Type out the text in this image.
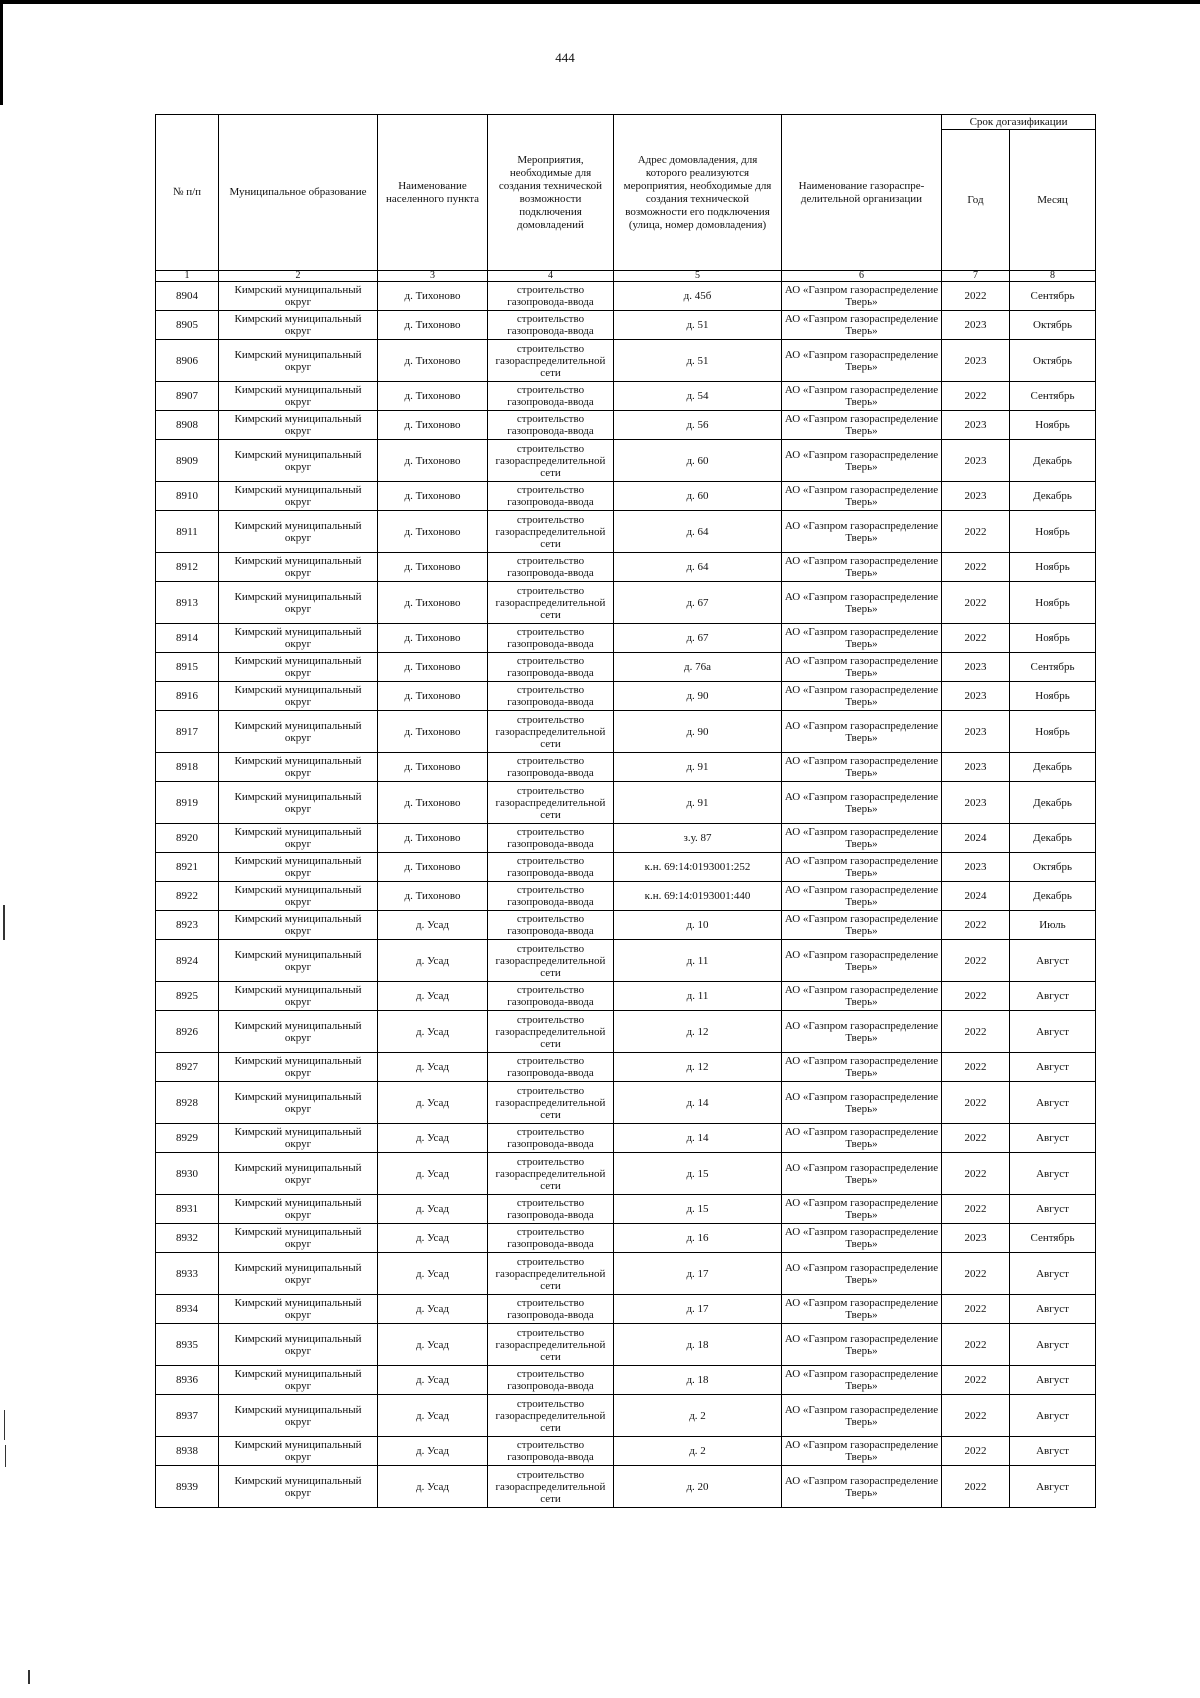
444
№ п/п	Муниципальное образование	Наименование населенного пункта	Мероприятия, необходимые для создания технической возможности подключения домовладений	Адрес домовладения, для которого реализуются мероприятия, необходимые для создания технической возможности его подключения (улица, номер домовладения)	Наименование газораспре-делительной организации	Срок догазификации	
						Год	Месяц
1	2	3	4	5	6	7	8
8904	Кимрский муниципальный округ	д. Тихоново	строительство газопровода-ввода	д. 45б	АО «Газпром газораспределение Тверь»	2022	Сентябрь
8905	Кимрский муниципальный округ	д. Тихоново	строительство газопровода-ввода	д. 51	АО «Газпром газораспределение Тверь»	2023	Октябрь
8906	Кимрский муниципальный округ	д. Тихоново	строительство газораспределительной сети	д. 51	АО «Газпром газораспределение Тверь»	2023	Октябрь
8907	Кимрский муниципальный округ	д. Тихоново	строительство газопровода-ввода	д. 54	АО «Газпром газораспределение Тверь»	2022	Сентябрь
8908	Кимрский муниципальный округ	д. Тихоново	строительство газопровода-ввода	д. 56	АО «Газпром газораспределение Тверь»	2023	Ноябрь
8909	Кимрский муниципальный округ	д. Тихоново	строительство газораспределительной сети	д. 60	АО «Газпром газораспределение Тверь»	2023	Декабрь
8910	Кимрский муниципальный округ	д. Тихоново	строительство газопровода-ввода	д. 60	АО «Газпром газораспределение Тверь»	2023	Декабрь
8911	Кимрский муниципальный округ	д. Тихоново	строительство газораспределительной сети	д. 64	АО «Газпром газораспределение Тверь»	2022	Ноябрь
8912	Кимрский муниципальный округ	д. Тихоново	строительство газопровода-ввода	д. 64	АО «Газпром газораспределение Тверь»	2022	Ноябрь
8913	Кимрский муниципальный округ	д. Тихоново	строительство газораспределительной сети	д. 67	АО «Газпром газораспределение Тверь»	2022	Ноябрь
8914	Кимрский муниципальный округ	д. Тихоново	строительство газопровода-ввода	д. 67	АО «Газпром газораспределение Тверь»	2022	Ноябрь
8915	Кимрский муниципальный округ	д. Тихоново	строительство газопровода-ввода	д. 76а	АО «Газпром газораспределение Тверь»	2023	Сентябрь
8916	Кимрский муниципальный округ	д. Тихоново	строительство газопровода-ввода	д. 90	АО «Газпром газораспределение Тверь»	2023	Ноябрь
8917	Кимрский муниципальный округ	д. Тихоново	строительство газораспределительной сети	д. 90	АО «Газпром газораспределение Тверь»	2023	Ноябрь
8918	Кимрский муниципальный округ	д. Тихоново	строительство газопровода-ввода	д. 91	АО «Газпром газораспределение Тверь»	2023	Декабрь
8919	Кимрский муниципальный округ	д. Тихоново	строительство газораспределительной сети	д. 91	АО «Газпром газораспределение Тверь»	2023	Декабрь
8920	Кимрский муниципальный округ	д. Тихоново	строительство газопровода-ввода	з.у. 87	АО «Газпром газораспределение Тверь»	2024	Декабрь
8921	Кимрский муниципальный округ	д. Тихоново	строительство газопровода-ввода	к.н. 69:14:0193001:252	АО «Газпром газораспределение Тверь»	2023	Октябрь
8922	Кимрский муниципальный округ	д. Тихоново	строительство газопровода-ввода	к.н. 69:14:0193001:440	АО «Газпром газораспределение Тверь»	2024	Декабрь
8923	Кимрский муниципальный округ	д. Усад	строительство газопровода-ввода	д. 10	АО «Газпром газораспределение Тверь»	2022	Июль
8924	Кимрский муниципальный округ	д. Усад	строительство газораспределительной сети	д. 11	АО «Газпром газораспределение Тверь»	2022	Август
8925	Кимрский муниципальный округ	д. Усад	строительство газопровода-ввода	д. 11	АО «Газпром газораспределение Тверь»	2022	Август
8926	Кимрский муниципальный округ	д. Усад	строительство газораспределительной сети	д. 12	АО «Газпром газораспределение Тверь»	2022	Август
8927	Кимрский муниципальный округ	д. Усад	строительство газопровода-ввода	д. 12	АО «Газпром газораспределение Тверь»	2022	Август
8928	Кимрский муниципальный округ	д. Усад	строительство газораспределительной сети	д. 14	АО «Газпром газораспределение Тверь»	2022	Август
8929	Кимрский муниципальный округ	д. Усад	строительство газопровода-ввода	д. 14	АО «Газпром газораспределение Тверь»	2022	Август
8930	Кимрский муниципальный округ	д. Усад	строительство газораспределительной сети	д. 15	АО «Газпром газораспределение Тверь»	2022	Август
8931	Кимрский муниципальный округ	д. Усад	строительство газопровода-ввода	д. 15	АО «Газпром газораспределение Тверь»	2022	Август
8932	Кимрский муниципальный округ	д. Усад	строительство газопровода-ввода	д. 16	АО «Газпром газораспределение Тверь»	2023	Сентябрь
8933	Кимрский муниципальный округ	д. Усад	строительство газораспределительной сети	д. 17	АО «Газпром газораспределение Тверь»	2022	Август
8934	Кимрский муниципальный округ	д. Усад	строительство газопровода-ввода	д. 17	АО «Газпром газораспределение Тверь»	2022	Август
8935	Кимрский муниципальный округ	д. Усад	строительство газораспределительной сети	д. 18	АО «Газпром газораспределение Тверь»	2022	Август
8936	Кимрский муниципальный округ	д. Усад	строительство газопровода-ввода	д. 18	АО «Газпром газораспределение Тверь»	2022	Август
8937	Кимрский муниципальный округ	д. Усад	строительство газораспределительной сети	д. 2	АО «Газпром газораспределение Тверь»	2022	Август
8938	Кимрский муниципальный округ	д. Усад	строительство газопровода-ввода	д. 2	АО «Газпром газораспределение Тверь»	2022	Август
8939	Кимрский муниципальный округ	д. Усад	строительство газораспределительной сети	д. 20	АО «Газпром газораспределение Тверь»	2022	Август
